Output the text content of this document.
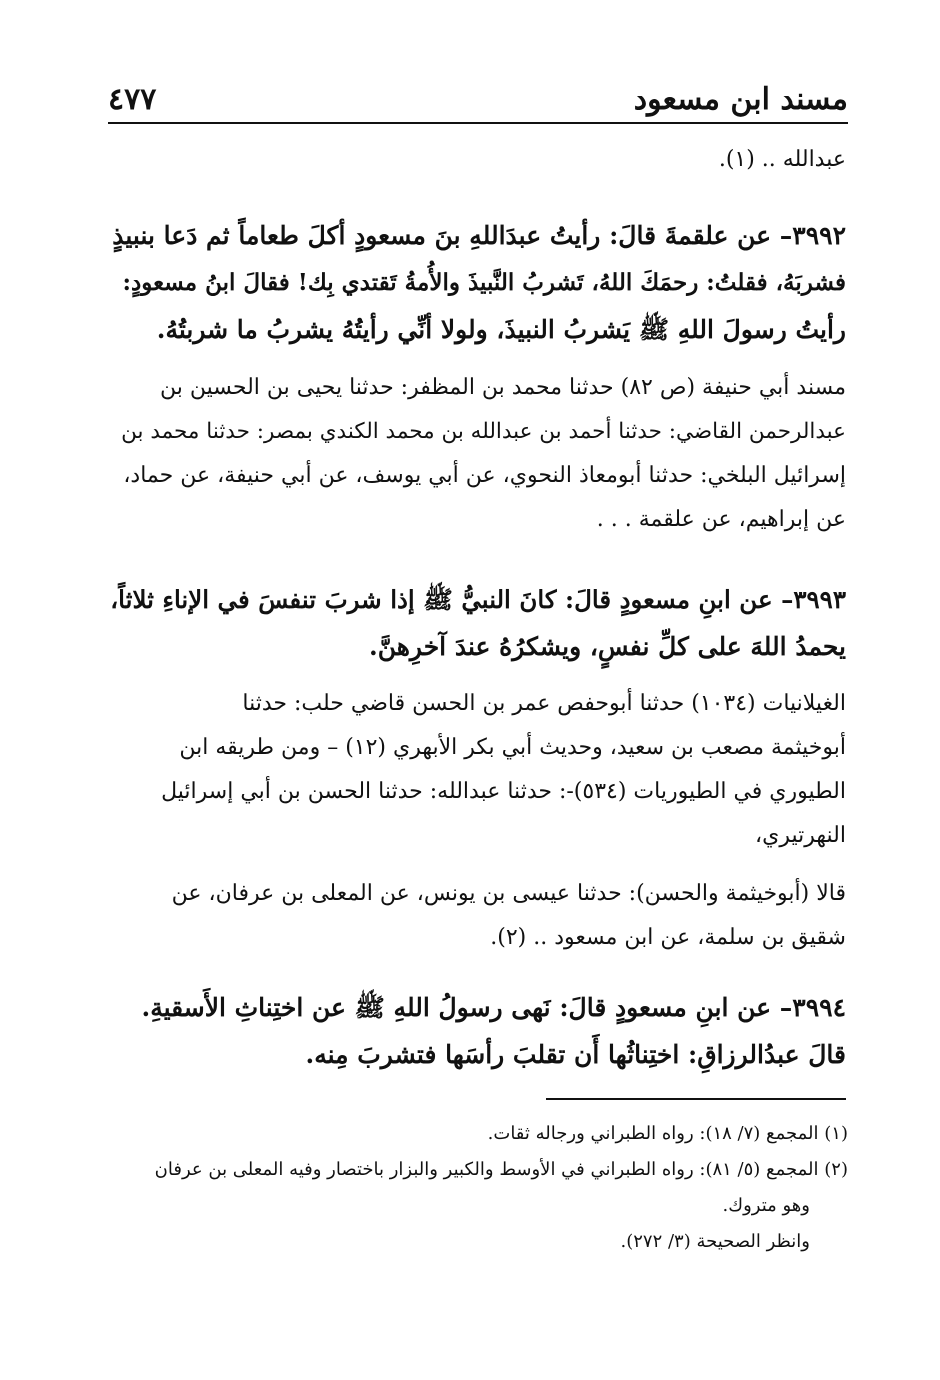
مسند ابن مسعود
٤٧٧
عبدالله .. (١).
٣٩٩٢– عن علقمةَ قالَ: رأيتُ عبدَاللهِ بنَ مسعودٍ أكلَ طعاماً ثم دَعا بنبيذٍ
فشربَهُ، فقلتُ: رحمَكَ اللهُ، تَشربُ النَّبيذَ والأُمةُ تَقتدي بِك! فقالَ ابنُ مسعودٍ:
رأيتُ رسولَ اللهِ ﷺ يَشربُ النبيذَ، ولولا أنِّي رأيتُهُ يشربُ ما شربتُهُ.
مسند أبي حنيفة (ص ٨٢) حدثنا محمد بن المظفر: حدثنا يحيى بن الحسين بن
عبدالرحمن القاضي: حدثنا أحمد بن عبدالله بن محمد الكندي بمصر: حدثنا محمد بن
إسرائيل البلخي: حدثنا أبومعاذ النحوي، عن أبي يوسف، عن أبي حنيفة، عن حماد،
عن إبراهيم، عن علقمة . . .
٣٩٩٣– عن ابنِ مسعودٍ قالَ: كانَ النبيُّ ﷺ إذا شربَ تنفسَ في الإناءِ ثلاثاً،
يحمدُ اللهَ على كلِّ نفسٍ، ويشكرُهُ عندَ آخرِهنَّ.
الغيلانيات (١٠٣٤) حدثنا أبوحفص عمر بن الحسن قاضي حلب: حدثنا
أبوخيثمة مصعب بن سعيد، وحديث أبي بكر الأبهري (١٢) – ومن طريقه ابن
الطيوري في الطيوريات (٥٣٤)-: حدثنا عبدالله: حدثنا الحسن بن أبي إسرائيل
النهرتيري،
قالا (أبوخيثمة والحسن): حدثنا عيسى بن يونس، عن المعلى بن عرفان، عن
شقيق بن سلمة، عن ابن مسعود .. (٢).
٣٩٩٤– عن ابنِ مسعودٍ قالَ: نَهى رسولُ اللهِ ﷺ عن اختِناثِ الأَسقيةِ.
قالَ عبدُالرزاقِ: اختِناثُها أَن تقلبَ رأسَها فتشربَ مِنه.
(١) المجمع (٧/ ١٨): رواه الطبراني ورجاله ثقات.
(٢) المجمع (٥/ ٨١): رواه الطبراني في الأوسط والكبير والبزار باختصار وفيه المعلى بن عرفان
وهو متروك.
وانظر الصحيحة (٣/ ٢٧٢).
